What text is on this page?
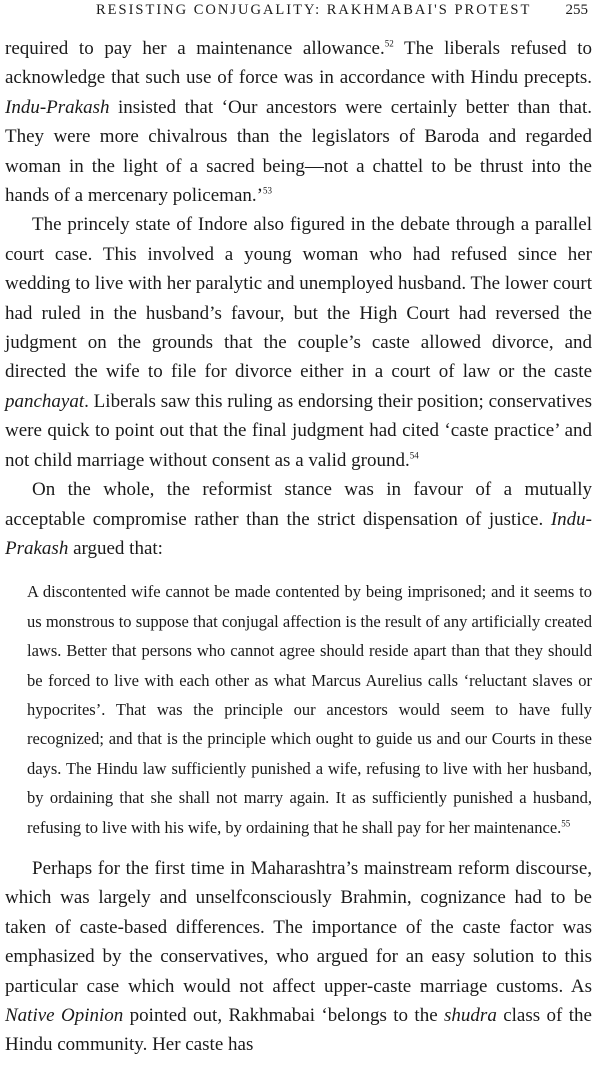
RESISTING CONJUGALITY: RAKHMABAI'S PROTEST 255

required to pay her a maintenance allowance.$^{52}$ The liberals refused to acknowledge that such use of force was in accordance with Hindu precepts. Indu-Prakash insisted that ‘Our ancestors were certainly better than that. They were more chivalrous than the legislators of Baroda and regarded woman in the light of a sacred being—not a chattel to be thrust into the hands of a mercenary policeman.’$^{53}$

The princely state of Indore also figured in the debate through a parallel court case. This involved a young woman who had refused since her wedding to live with her paralytic and unemployed husband. The lower court had ruled in the husband’s favour, but the High Court had reversed the judgment on the grounds that the couple’s caste allowed divorce, and directed the wife to file for divorce either in a court of law or the caste panchayat. Liberals saw this ruling as endorsing their position; conservatives were quick to point out that the final judgment had cited ‘caste practice’ and not child marriage without consent as a valid ground.$^{54}$

On the whole, the reformist stance was in favour of a mutually acceptable compromise rather than the strict dispensation of justice. Indu-Prakash argued that:

A discontented wife cannot be made contented by being imprisoned; and it seems to us monstrous to suppose that conjugal affection is the result of any artificially created laws. Better that persons who cannot agree should reside apart than that they should be forced to live with each other as what Marcus Aurelius calls ‘reluctant slaves or hypocrites’. That was the principle our ancestors would seem to have fully recognized; and that is the principle which ought to guide us and our Courts in these days. The Hindu law sufficiently punished a wife, refusing to live with her husband, by ordaining that she shall not marry again. It as sufficiently punished a husband, refusing to live with his wife, by ordaining that he shall pay for her maintenance.$^{55}$

Perhaps for the first time in Maharashtra’s mainstream reform discourse, which was largely and unselfconsciously Brahmin, cognizance had to be taken of caste-based differences. The importance of the caste factor was emphasized by the conservatives, who argued for an easy solution to this particular case which would not affect upper-caste marriage customs. As Native Opinion pointed out, Rakhmabai ‘belongs to the shudra class of the Hindu community. Her caste has
